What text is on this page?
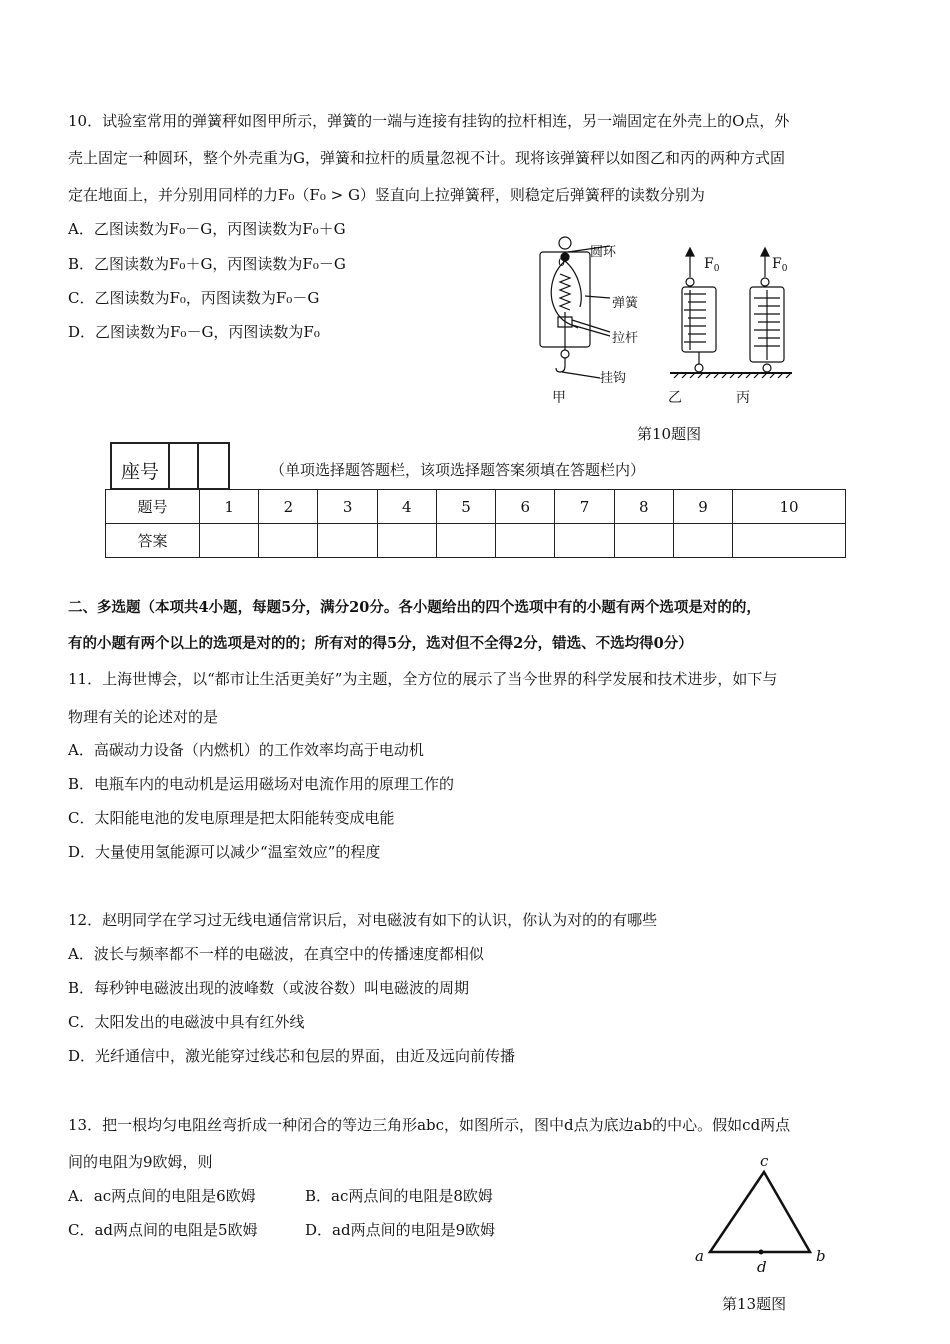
10．试验室常用的弹簧秤如图甲所示，弹簧的一端与连接有挂钩的拉杆相连，另一端固定在外壳上的O点，外
壳上固定一种圆环，整个外壳重为G，弹簧和拉杆的质量忽视不计。现将该弹簧秤以如图乙和丙的两种方式固
定在地面上，并分别用同样的力F₀（F₀ > G）竖直向上拉弹簧秤，则稳定后弹簧秤的读数分别为
A．乙图读数为F₀－G，丙图读数为F₀＋G
B．乙图读数为F₀＋G，丙图读数为F₀－G
C．乙图读数为F₀，丙图读数为F₀－G
D．乙图读数为F₀－G，丙图读数为F₀
0
圆环
弹簧
拉杆
挂钩
甲
$F_0$	$F_0$
乙	丙
第10题图
座号	（单项选择题答题栏，该项选择题答案须填在答题栏内）
题号	1	2	3	4	5	6	7	8	9	10
答案										
二、多选题（本项共4小题，每题5分，满分20分。各小题给出的四个选项中有的小题有两个选项是对的的，
有的小题有两个以上的选项是对的的；所有对的得5分，选对但不全得2分，错选、不选均得0分）
11．上海世博会，以“都市让生活更美好”为主题，全方位的展示了当今世界的科学发展和技术进步，如下与
物理有关的论述对的是
A．高碳动力设备（内燃机）的工作效率均高于电动机
B．电瓶车内的电动机是运用磁场对电流作用的原理工作的
C．太阳能电池的发电原理是把太阳能转变成电能
D．大量使用氢能源可以减少“温室效应”的程度
12．赵明同学在学习过无线电通信常识后，对电磁波有如下的认识，你认为对的的有哪些
A．波长与频率都不一样的电磁波，在真空中的传播速度都相似
B．每秒钟电磁波出现的波峰数（或波谷数）叫电磁波的周期
C．太阳发出的电磁波中具有红外线
D．光纤通信中，激光能穿过线芯和包层的界面，由近及远向前传播
13．把一根均匀电阻丝弯折成一种闭合的等边三角形abc，如图所示，图中d点为底边ab的中心。假如cd两点
间的电阻为9欧姆，则
A．ac两点间的电阻是6欧姆	B．ac两点间的电阻是8欧姆
C．ad两点间的电阻是5欧姆	D．ad两点间的电阻是9欧姆
c
a	b
d
第13题图
